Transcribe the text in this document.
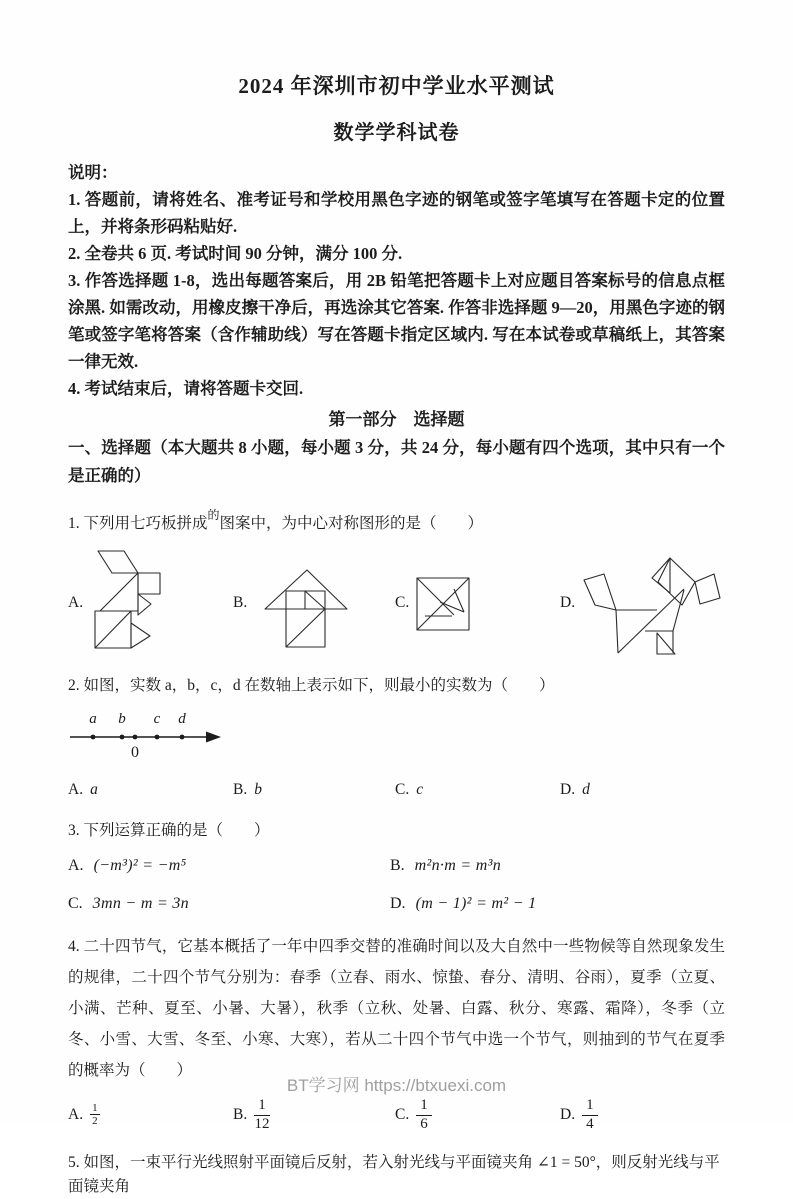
2024 年深圳市初中学业水平测试
数学学科试卷

说明：

1. 答题前，请将姓名、准考证号和学校用黑色字迹的钢笔或签字笔填写在答题卡定的位置上，并将条形码粘贴好.

2. 全卷共 6 页. 考试时间 90 分钟，满分 100 分.

3. 作答选择题 1-8，选出每题答案后，用 2B 铅笔把答题卡上对应题目答案标号的信息点框涂黑. 如需改动，用橡皮擦干净后，再选涂其它答案. 作答非选择题 9—20，用黑色字迹的钢笔或签字笔将答案（含作辅助线）写在答题卡指定区域内. 写在本试卷或草稿纸上，其答案一律无效.

4. 考试结束后，请将答题卡交回.

第一部分　选择题
一、选择题（本大题共 8 小题，每小题 3 分，共 24 分，每小题有四个选项，其中只有一个是正确的）

1. 下列用七巧板拼成$^的$图案中，为中心对称图形的是（　　）

A.	B.	C.	D.

2. 如图，实数 a，b，c，d 在数轴上表示如下，则最小的实数为（　　）

a b c d
0
A. a	B. b	C. c	D. d

3. 下列运算正确的是（　　）

A. (−m³)² = −m⁵	B. m²n·m = m³n
C. 3mn − m = 3n	D. (m − 1)² = m² − 1

4. 二十四节气，它基本概括了一年中四季交替的准确时间以及大自然中一些物候等自然现象发生的规律，二十四个节气分别为：春季（立春、雨水、惊蛰、春分、清明、谷雨），夏季（立夏、小满、芒种、夏至、小暑、大暑），秋季（立秋、处暑、白露、秋分、寒露、霜降），冬季（立冬、小雪、大雪、冬至、小寒、大寒），若从二十四个节气中选一个节气，则抽到的节气在夏季的概率为（　　）

A. $\frac{1}{2}$	B. $\frac{1}{12}$	C. $\frac{1}{6}$	D. $\frac{1}{4}$

5. 如图，一束平行光线照射平面镜后反射，若入射光线与平面镜夹角 ∠1 = 50°，则反射光线与平面镜夹角

BT学习网 https://btxuexi.com
